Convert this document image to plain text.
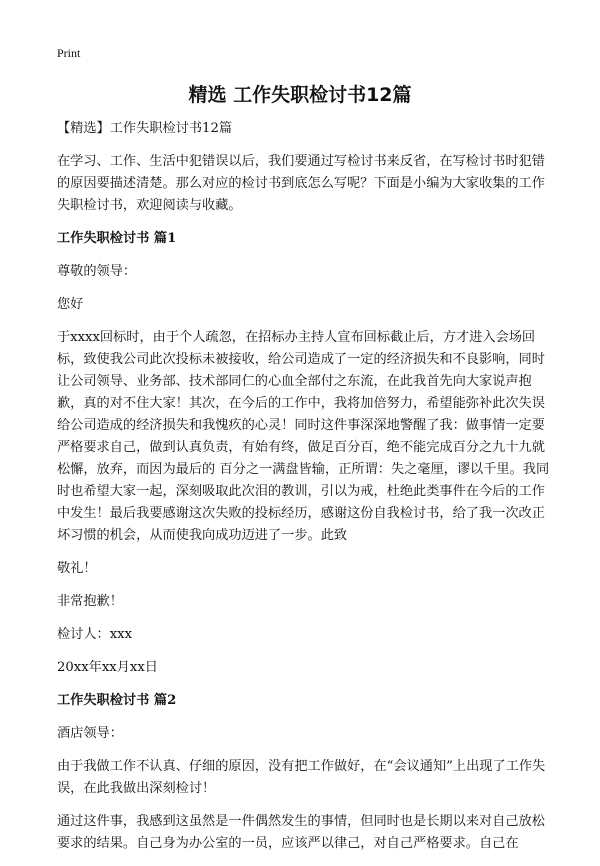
Print
精选 工作失职检讨书12篇

【精选】工作失职检讨书12篇

在学习、工作、生活中犯错误以后，我们要通过写检讨书来反省，在写检讨书时犯错的原因要描述清楚。那么对应的检讨书到底怎么写呢？下面是小编为大家收集的工作失职检讨书，欢迎阅读与收藏。

工作失职检讨书 篇1

尊敬的领导：

您好

于xxxx回标时，由于个人疏忽，在招标办主持人宣布回标截止后，方才进入会场回标，致使我公司此次投标未被接收，给公司造成了一定的经济损失和不良影响，同时让公司领导、业务部、技术部同仁的心血全部付之东流，在此我首先向大家说声抱歉，真的对不住大家！其次，在今后的工作中，我将加倍努力，希望能弥补此次失误给公司造成的经济损失和我愧疚的心灵！同时这件事深深地警醒了我：做事情一定要严格要求自己，做到认真负责，有始有终，做足百分百，绝不能完成百分之九十九就松懈，放弃，而因为最后的 百分之一满盘皆输，正所谓：失之毫厘，谬以千里。我同时也希望大家一起，深刻吸取此次泪的教训，引以为戒，杜绝此类事件在今后的工作中发生！最后我要感谢这次失败的投标经历，感谢这份自我检讨书，给了我一次改正坏习惯的机会，从而使我向成功迈进了一步。此致

敬礼！

非常抱歉！

检讨人：xxx

20xx年xx月xx日

工作失职检讨书 篇2

酒店领导：

由于我做工作不认真、仔细的原因，没有把工作做好，在“会议通知”上出现了工作失误，在此我做出深刻检讨！

通过这件事，我感到这虽然是一件偶然发生的事情，但同时也是长期以来对自己放松要求的结果。自己身为办公室的一员，应该严以律己，对自己严格要求。自己在
